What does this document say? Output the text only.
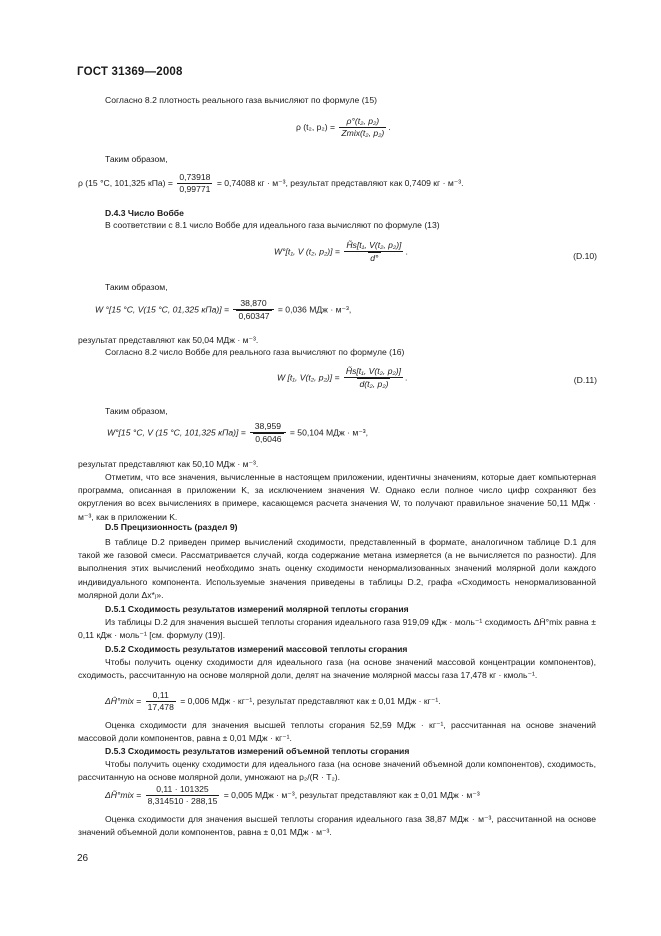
ГОСТ 31369—2008
Согласно 8.2 плотность реального газа вычисляют по формуле (15)
ρ (t₂, $p_2) = \frac{\text{ρ°(t₂, p₂)}}{\text{Zmix(t₂, p₂)}}$ .
Таким образом,
ρ (15 °C, 101,325 $кПа) = \frac{0,73918}{0,99771} = 0,74088$ кг · м⁻³, результат представляют как 0,7409 кг · м⁻³.
D.4.3 Число Воббе
В соответствии с 8.1 число Воббе для идеального газа вычисляют по формуле (13)
W°[t₁, V (t₂, $p_2)] = \frac{\text{H̃s[t₁, V(t₂, p₂)]}}{d^\circ}$ .	(D.10)
Таким образом,
W °[15 °C, V(15 °C, 01,325 $кПа)] = \frac{38,870}{0,60347} = 0,036$ МДж · м⁻³,
результат представляют как 50,04 МДж · м⁻³.
Согласно 8.2 число Воббе для реального газа вычисляют по формуле (16)
W [t₁, V(t₂, $p_2)] = \frac{\text{H̃s[t₁, V(t₂, p₂)]}}{\text{d(t₂, p₂)}}$ .	(D.11)
Таким образом,
W°[15 °C, V (15 °C, 101,325 $кПа)] = \frac{38,959}{0,6046} = 50,104$ МДж · м⁻³,
результат представляют как 50,10 МДж · м⁻³.
Отметим, что все значения, вычисленные в настоящем приложении, идентичны значениям, которые дает компьютерная программа, описанная в приложении K, за исключением значения W. Однако если полное число цифр сохраняют без округления во всех вычислениях в примере, касающемся расчета значения W, то получают правильное значение 50,11 МДж · м⁻³, как в приложении K.
D.5 Прецизионность (раздел 9)
В таблице D.2 приведен пример вычислений сходимости, представленный в формате, аналогичном таблице D.1 для такой же газовой смеси. Рассматривается случай, когда содержание метана измеряется (а не вычисляется по разности). Для выполнения этих вычислений необходимо знать оценку сходимости ненормализованных значений молярной доли каждого индивидуального компонента. Используемые значения приведены в таблицы D.2, графа «Сходимость ненормализованной молярной доли Δx*ⱼ».
D.5.1 Сходимость результатов измерений молярной теплоты сгорания
Из таблицы D.2 для значения высшей теплоты сгорания идеального газа 919,09 кДж · моль⁻¹ сходимость ΔH̄°mix равна ± 0,11 кДж · моль⁻¹ [см. формулу (19)].
D.5.2 Сходимость результатов измерений массовой теплоты сгорания
Чтобы получить оценку сходимости для идеального газа (на основе значений массовой концентрации компонентов), сходимость, рассчитанную на основе молярной доли, делят на значение молярной массы газа 17,478 кг · кмоль⁻¹.
ΔĤ°mix = $\frac{0,11}{17,478} = 0,006$ МДж · кг⁻¹, результат представляют как ± 0,01 МДж · кг⁻¹.
Оценка сходимости для значения высшей теплоты сгорания 52,59 МДж · кг⁻¹, рассчитанная на основе значений массовой доли компонентов, равна ± 0,01 МДж · кг⁻¹.
D.5.3 Сходимость результатов измерений объемной теплоты сгорания
Чтобы получить оценку сходимости для идеального газа (на основе значений объемной доли компонентов), сходимость, рассчитанную на основе молярной доли, умножают на p₂/(R · T₂).
ΔH̃°mix = $\frac{0,11 \cdot 101325}{8,314510 \cdot 288,15} = 0,005$ МДж · м⁻³, результат представляют как ± 0,01 МДж · м⁻³
Оценка сходимости для значения высшей теплоты сгорания идеального газа 38,87 МДж · м⁻³, рассчитанной на основе значений объемной доли компонентов, равна ± 0,01 МДж · м⁻³.
26
